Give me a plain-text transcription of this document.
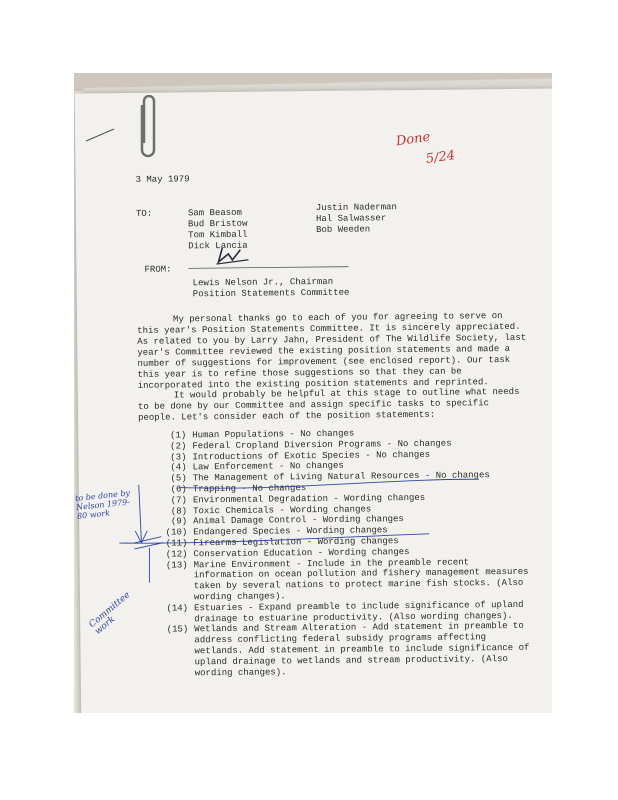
3 May 1979
TO:	Sam Beasom
Bud Bristow
Tom Kimball
Dick Lancia
Justin Naderman
Hal Salwasser
Bob Weeden
FROM:
Lewis Nelson Jr., Chairman
Position Statements Committee
My personal thanks go to each of you for agreeing to serve on this year's Position Statements Committee. It is sincerely appreciated. As related to you by Larry Jahn, President of The Wildlife Society, last year's Committee reviewed the existing position statements and made a number of suggestions for improvement (see enclosed report). Our task this year is to refine those suggestions so that they can be incorporated into the existing position statements and reprinted.
It would probably be helpful at this stage to outline what needs to be done by our Committee and assign specific tasks to specific people. Let's consider each of the position statements:
(1) Human Populations - No changes
(2) Federal Cropland Diversion Programs - No changes
(3) Introductions of Exotic Species - No changes
(4) Law Enforcement - No changes
(5) The Management of Living Natural Resources - No changes
(6) Trapping - No changes
(7) Environmental Degradation - Wording changes
(8) Toxic Chemicals - Wording changes
(9) Animal Damage Control - Wording changes
(10) Endangered Species - Wording changes
(11) Firearms Legislation - Wording changes
(12) Conservation Education - Wording changes
(13) Marine Environment - Include in the preamble recent information on ocean pollution and fishery management measures taken by several nations to protect marine fish stocks. (Also wording changes).
(14) Estuaries - Expand preamble to include significance of upland drainage to estuarine productivity. (Also wording changes).
(15) Wetlands and Stream Alteration - Add statement in preamble to address conflicting federal subsidy programs affecting wetlands. Add statement in preamble to include significance of upland drainage to wetlands and stream productivity. (Also wording changes).
Done
5/24
to be done by Nelson 1979-80 work
Committee work
